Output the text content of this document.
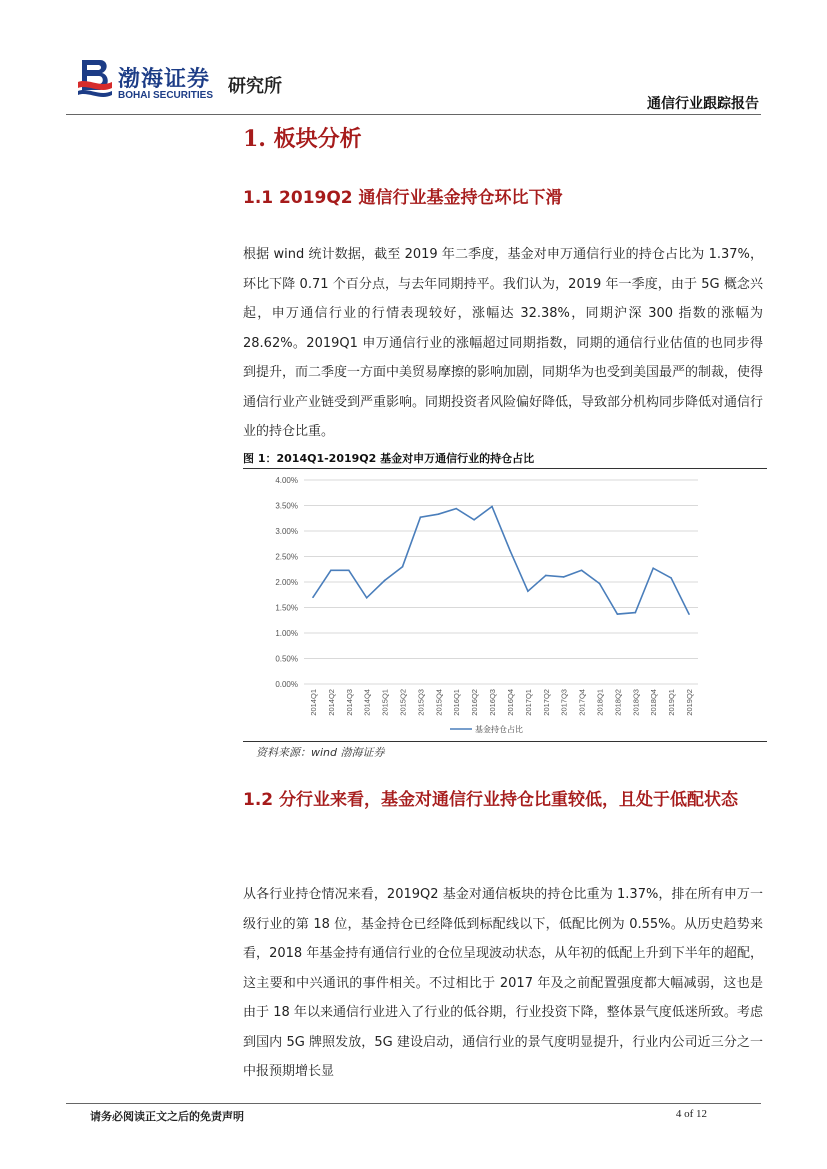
渤海证券
BOHAI SECURITIES 研究所
通信行业跟踪报告
1. 板块分析
1.1 2019Q2 通信行业基金持仓环比下滑
根据 wind 统计数据，截至 2019 年二季度，基金对申万通信行业的持仓占比为 1.37%，环比下降 0.71 个百分点，与去年同期持平。我们认为，2019 年一季度，由于 5G 概念兴起，申万通信行业的行情表现较好，涨幅达 32.38%，同期沪深 300 指数的涨幅为 28.62%。2019Q1 申万通信行业的涨幅超过同期指数，同期的通信行业估值的也同步得到提升，而二季度一方面中美贸易摩擦的影响加剧，同期华为也受到美国最严的制裁，使得通信行业产业链受到严重影响。同期投资者风险偏好降低，导致部分机构同步降低对通信行业的持仓比重。
图 1：2014Q1-2019Q2 基金对申万通信行业的持仓占比
0.00%
0.50%
1.00%
1.50%
2.00%
2.50%
3.00%
3.50%
4.00%
2014Q1 2014Q2 2014Q3 2014Q4 2015Q1 2015Q2 2015Q3 2015Q4 2016Q1 2016Q2 2016Q3 2016Q4 2017Q1 2017Q2 2017Q3 2017Q4 2018Q1 2018Q2 2018Q3 2018Q4 2019Q1 2019Q2
基金持仓占比
资料来源：wind 渤海证券
1.2 分行业来看，基金对通信行业持仓比重较低，且处于低配状态
从各行业持仓情况来看，2019Q2 基金对通信板块的持仓比重为 1.37%，排在所有申万一级行业的第 18 位，基金持仓已经降低到标配线以下，低配比例为 0.55%。从历史趋势来看，2018 年基金持有通信行业的仓位呈现波动状态，从年初的低配上升到下半年的超配，这主要和中兴通讯的事件相关。不过相比于 2017 年及之前配置强度都大幅减弱，这也是由于 18 年以来通信行业进入了行业的低谷期，行业投资下降，整体景气度低迷所致。考虑到国内 5G 牌照发放，5G 建设启动，通信行业的景气度明显提升，行业内公司近三分之一中报预期增长显
请务必阅读正文之后的免责声明	4 of 12
